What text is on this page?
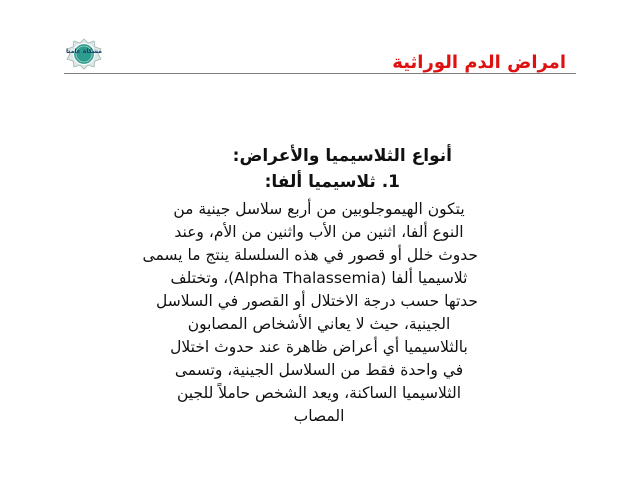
مشكاة عامنا
امراض الدم الوراثية
أنواع الثلاسيميا والأعراض:
1. ثلاسيميا ألفا:

يتكون الهيموجلوبين من أربع سلاسل جينية من
النوع ألفا، اثنين من الأب واثنين من الأم، وعند
حدوث خلل أو قصور في هذه السلسلة ينتج ما يسمى
ثلاسيميا ألفا (Alpha Thalassemia)، وتختلف
حدتها حسب درجة الاختلال أو القصور في السلاسل
الجينية، حيث لا يعاني الأشخاص المصابون
بالثلاسيميا أي أعراض ظاهرة عند حدوث اختلال
في واحدة فقط من السلاسل الجينية، وتسمى
الثلاسيميا الساكنة، ويعد الشخص حاملاً للجين
المصاب
